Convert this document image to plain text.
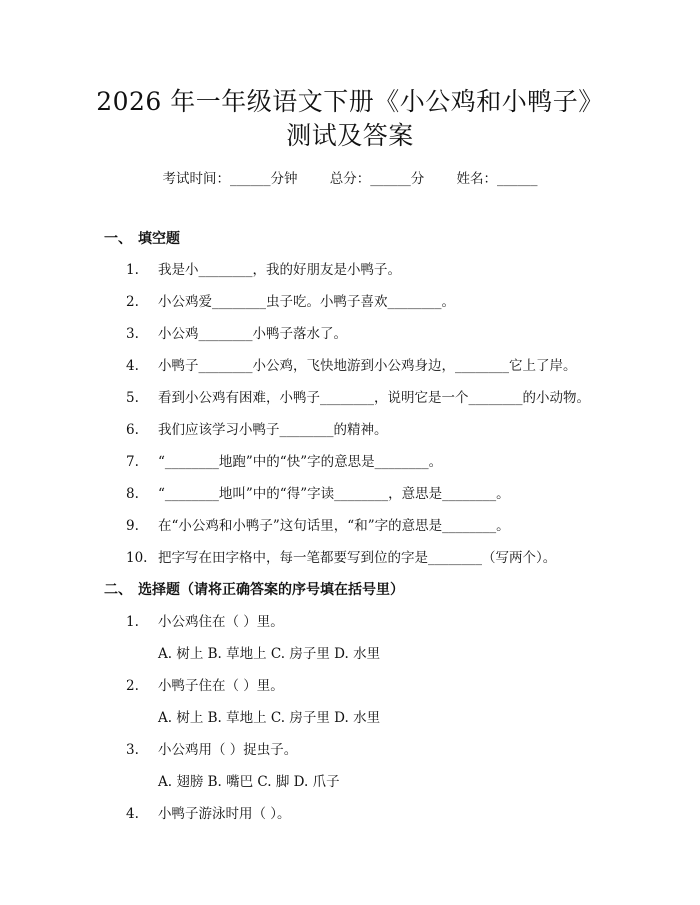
2026 年一年级语文下册《小公鸡和小鸭子》
测试及答案
考试时间：______分钟 总分：______分 姓名：______
一、 填空题
1. 我是小________，我的好朋友是小鸭子。
2. 小公鸡爱________虫子吃。小鸭子喜欢________。
3. 小公鸡________小鸭子落水了。
4. 小鸭子________小公鸡，飞快地游到小公鸡身边，________它上了岸。
5. 看到小公鸡有困难，小鸭子________，说明它是一个________的小动物。
6. 我们应该学习小鸭子________的精神。
7. “________地跑”中的“快”字的意思是________。
8. “________地叫”中的“得”字读________，意思是________。
9. 在“小公鸡和小鸭子”这句话里，“和”字的意思是________。
10. 把字写在田字格中，每一笔都要写到位的字是________（写两个）。
二、 选择题（请将正确答案的序号填在括号里）
1. 小公鸡住在（ ）里。
A. 树上 B. 草地上 C. 房子里 D. 水里
2. 小鸭子住在（ ）里。
A. 树上 B. 草地上 C. 房子里 D. 水里
3. 小公鸡用（ ）捉虫子。
A. 翅膀 B. 嘴巴 C. 脚 D. 爪子
4. 小鸭子游泳时用（ ）。
